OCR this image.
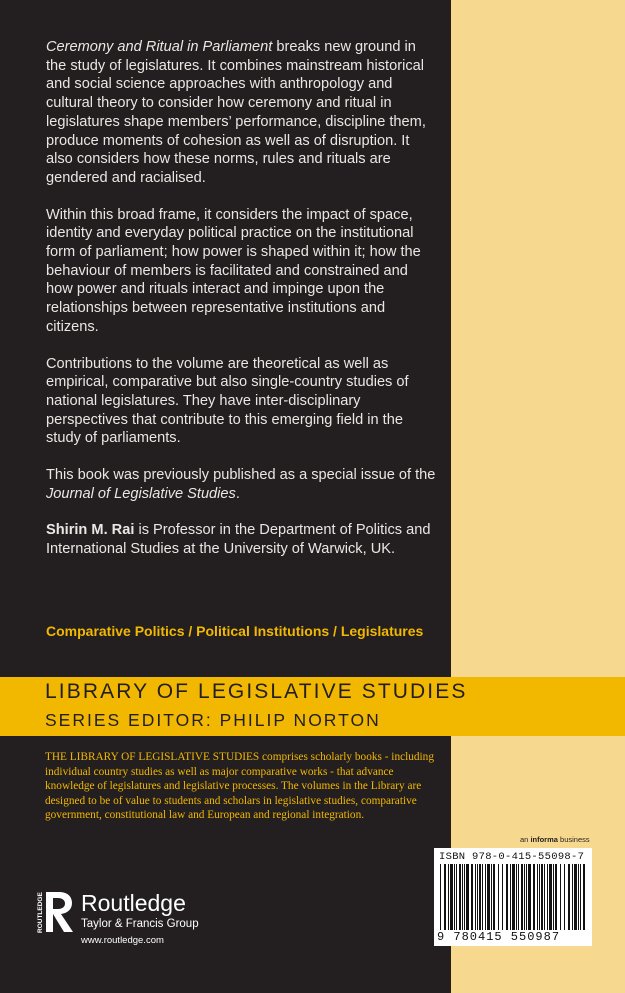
Ceremony and Ritual in Parliament breaks new ground in the study of legislatures. It combines mainstream historical and social science approaches with anthropology and cultural theory to consider how ceremony and ritual in legislatures shape members’ performance, discipline them, produce moments of cohesion as well as of disruption. It also considers how these norms, rules and rituals are gendered and racialised.

Within this broad frame, it considers the impact of space, identity and everyday political practice on the institutional form of parliament; how power is shaped within it; how the behaviour of members is facilitated and constrained and how power and rituals interact and impinge upon the relationships between representative institutions and citizens.

Contributions to the volume are theoretical as well as empirical, comparative but also single-country studies of national legislatures. They have inter-disciplinary perspectives that contribute to this emerging field in the study of parliaments.

This book was previously published as a special issue of the Journal of Legislative Studies.

Shirin M. Rai is Professor in the Department of Politics and International Studies at the University of Warwick, UK.

Comparative Politics / Political Institutions / Legislatures
LIBRARY OF LEGISLATIVE STUDIES
SERIES EDITOR: PHILIP NORTON
THE LIBRARY OF LEGISLATIVE STUDIES comprises scholarly books - including individual country studies as well as major comparative works - that advance knowledge of legislatures and legislative processes. The volumes in the Library are designed to be of value to students and scholars in legislative studies, comparative government, constitutional law and European and regional integration.
an informa business
ISBN 978-0-415-55098-7
9 780415 550987
ROUTLEDGE Routledge
Taylor & Francis Group
www.routledge.com
